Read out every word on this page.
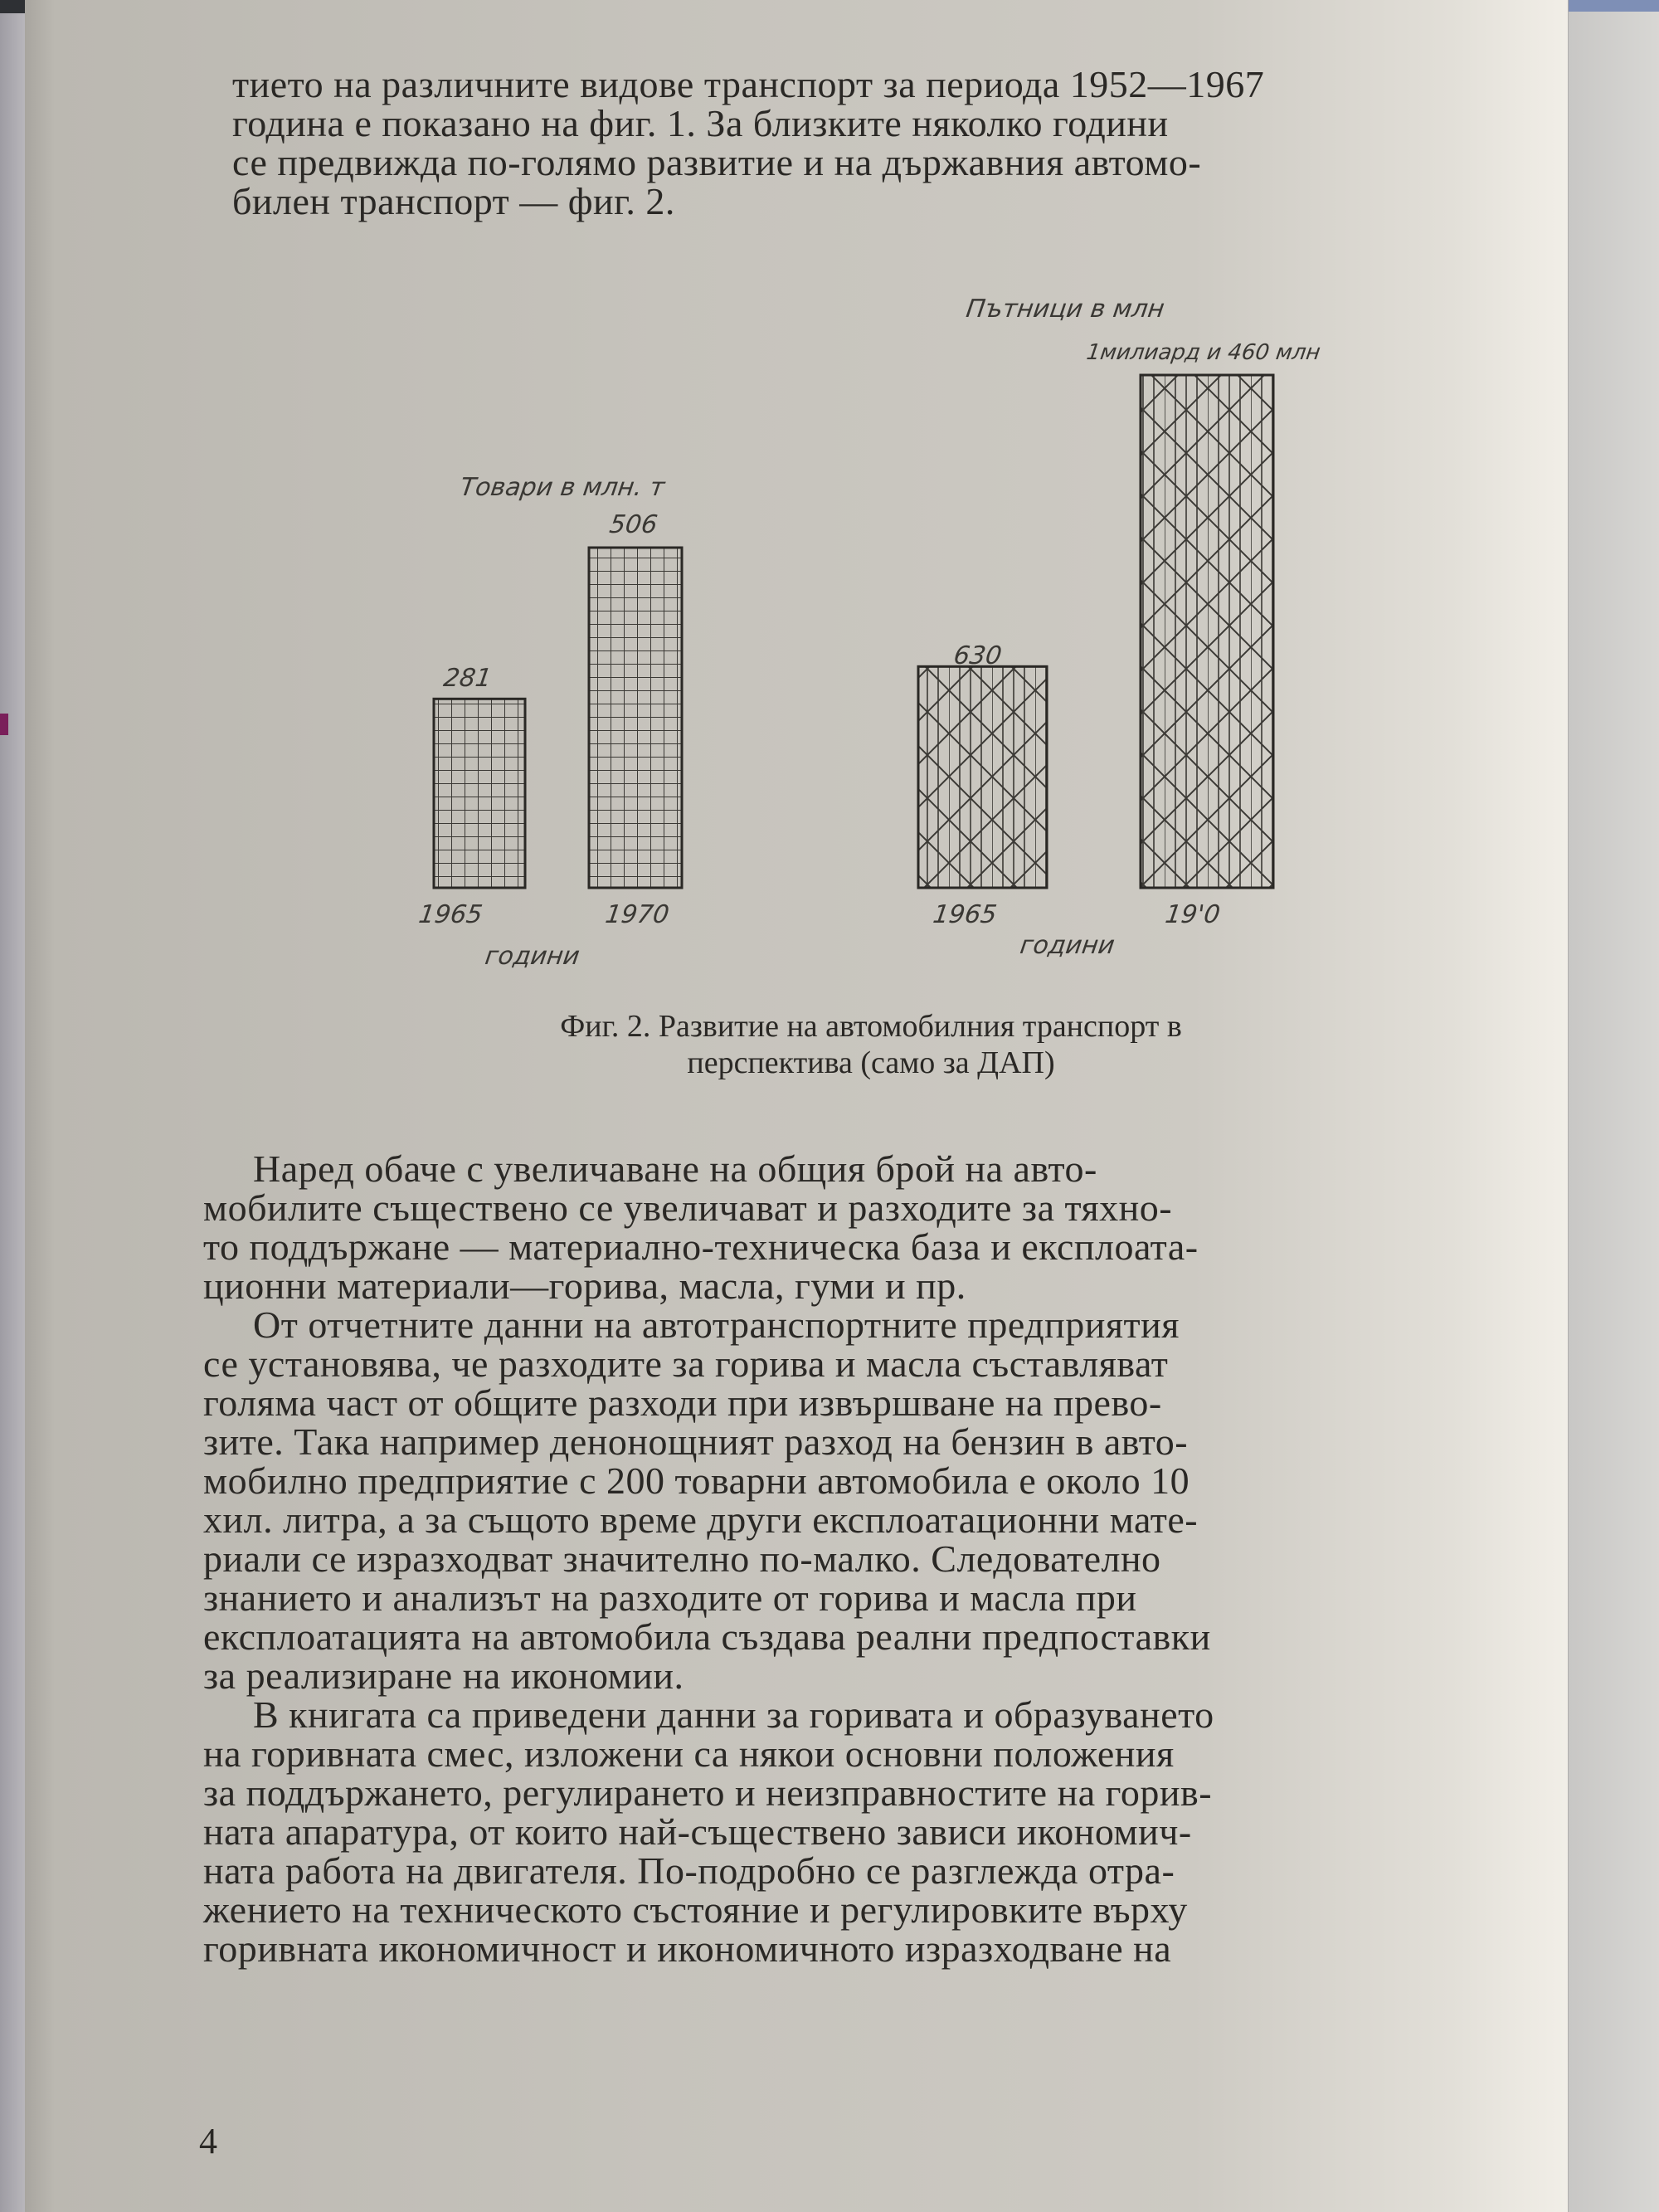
тието на различните видове транспорт за периода 1952—1967
година е показано на фиг. 1. За близките няколко години
се предвижда по-голямо развитие и на държавния автомо-
билен транспорт — фиг. 2.
Товари в млн. т
1965	1970
години
281
506
Пътници в млн
1милиард и 460 млн
630
1965	19'0
години
Фиг. 2. Развитие на автомобилния транспорт в
перспектива (само за ДАП)
Наред обаче с увеличаване на общия брой на авто-
мобилите съществено се увеличават и разходите за тяхно-
то поддържане — материално-техническа база и експлоата-
ционни материали—горива, масла, гуми и пр.
От отчетните данни на автотранспортните предприятия
се установява, че разходите за горива и масла съставляват
голяма част от общите разходи при извършване на прево-
зите. Така например денонощният разход на бензин в авто-
мобилно предприятие с 200 товарни автомобила е около 10
хил. литра, а за същото време други експлоатационни мате-
риали се изразходват значително по-малко. Следователно
знанието и анализът на разходите от горива и масла при
експлоатацията на автомобила създава реални предпоставки
за реализиране на икономии.
В книгата са приведени данни за горивата и образуването
на горивната смес, изложени са някои основни положения
за поддържането, регулирането и неизправностите на горив-
ната апаратура, от които най-съществено зависи икономич-
ната работа на двигателя. По-подробно се разглежда отра-
жението на техническото състояние и регулировките върху
горивната икономичност и икономичното изразходване на
4
